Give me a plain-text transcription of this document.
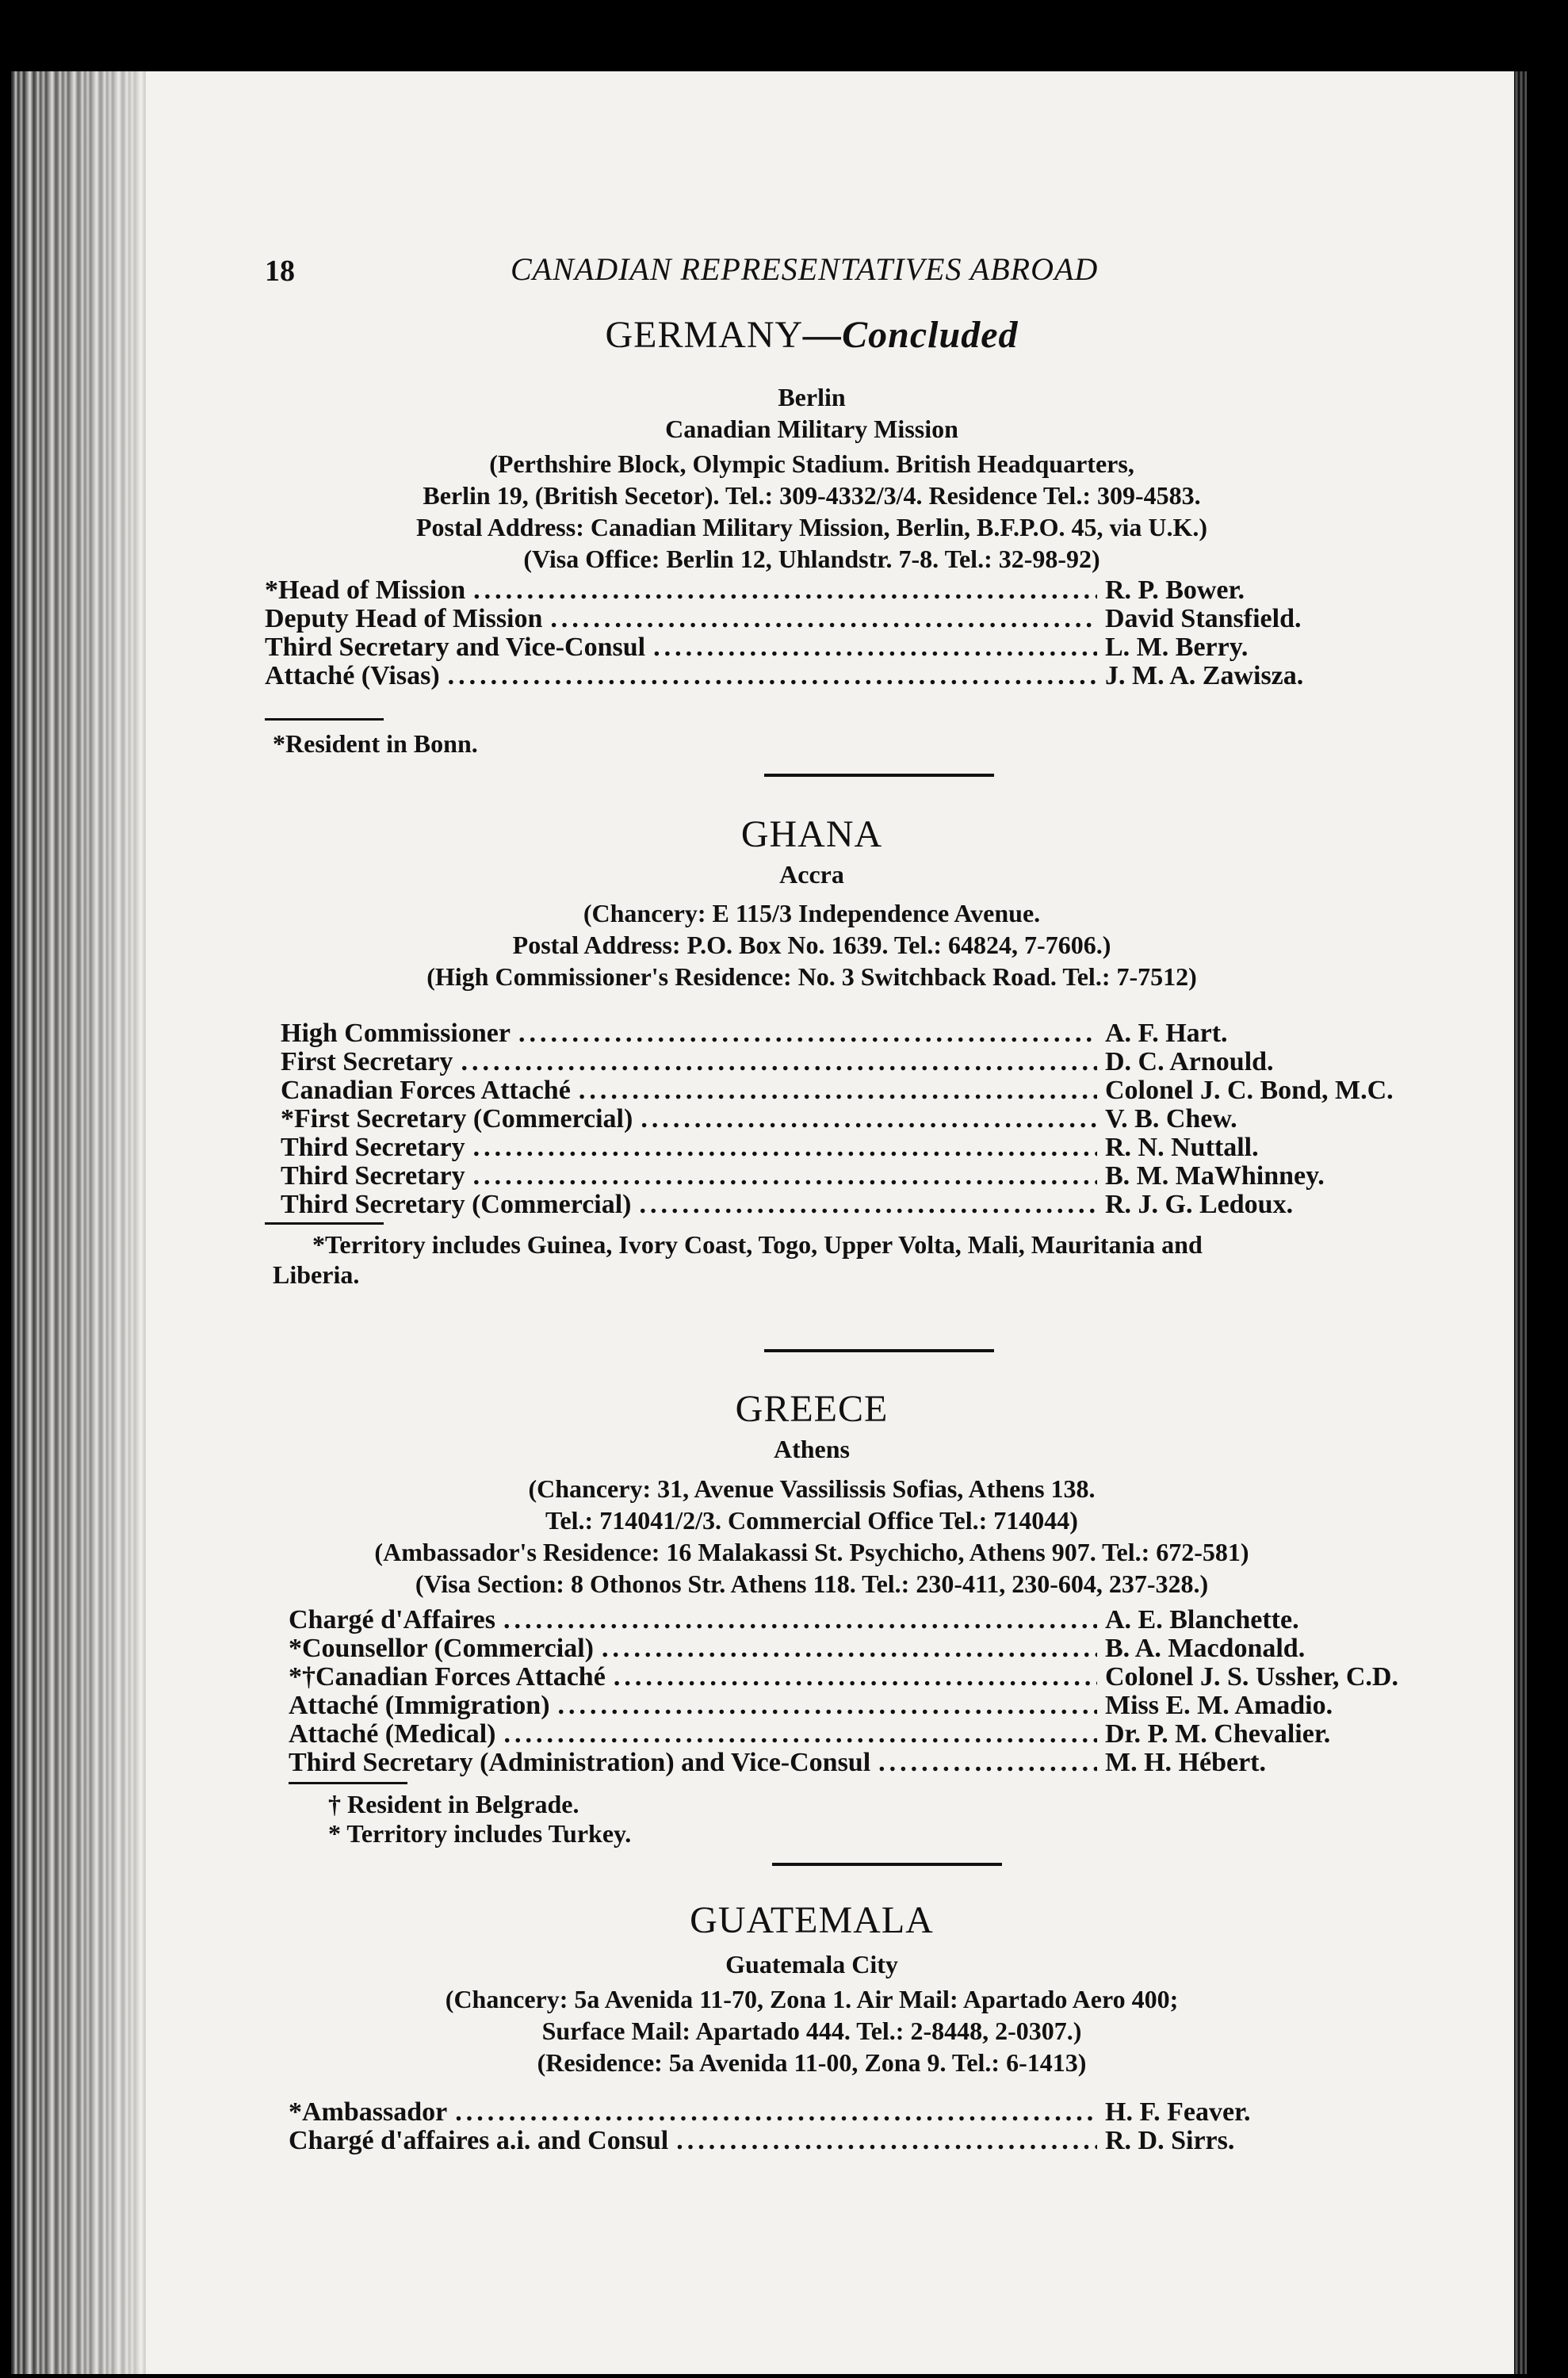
18	CANADIAN REPRESENTATIVES ABROAD
GERMANY—Concluded
Berlin
Canadian Military Mission
(Perthshire Block, Olympic Stadium. British Headquarters,
Berlin 19, (British Secetor). Tel.: 309-4332/3/4. Residence Tel.: 309-4583.
Postal Address: Canadian Military Mission, Berlin, B.F.P.O. 45, via U.K.)
(Visa Office: Berlin 12, Uhlandstr. 7-8. Tel.: 32-98-92)
*Head of Mission .....	R. P. Bower.
Deputy Head of Mission .....	David Stansfield.
Third Secretary and Vice-Consul .....	L. M. Berry.
Attaché (Visas) .....	J. M. A. Zawisza.
*Resident in Bonn.
GHANA
Accra
(Chancery: E 115/3 Independence Avenue.
Postal Address: P.O. Box No. 1639. Tel.: 64824, 7-7606.)
(High Commissioner's Residence: No. 3 Switchback Road. Tel.: 7-7512)
High Commissioner .....	A. F. Hart.
First Secretary .....	D. C. Arnould.
Canadian Forces Attaché .....	Colonel J. C. Bond, M.C.
*First Secretary (Commercial) .....	V. B. Chew.
Third Secretary .....	R. N. Nuttall.
Third Secretary .....	B. M. MaWhinney.
Third Secretary (Commercial) .....	R. J. G. Ledoux.
*Territory includes Guinea, Ivory Coast, Togo, Upper Volta, Mali, Mauritania and
Liberia.
GREECE
Athens
(Chancery: 31, Avenue Vassilissis Sofias, Athens 138.
Tel.: 714041/2/3. Commercial Office Tel.: 714044)
(Ambassador's Residence: 16 Malakassi St. Psychicho, Athens 907. Tel.: 672-581)
(Visa Section: 8 Othonos Str. Athens 118. Tel.: 230-411, 230-604, 237-328.)
Chargé d'Affaires .....	A. E. Blanchette.
*Counsellor (Commercial) .....	B. A. Macdonald.
*†Canadian Forces Attaché .....	Colonel J. S. Ussher, C.D.
Attaché (Immigration) .....	Miss E. M. Amadio.
Attaché (Medical) .....	Dr. P. M. Chevalier.
Third Secretary (Administration) and Vice-Consul .....	M. H. Hébert.
† Resident in Belgrade.
* Territory includes Turkey.
GUATEMALA
Guatemala City
(Chancery: 5a Avenida 11-70, Zona 1. Air Mail: Apartado Aero 400;
Surface Mail: Apartado 444. Tel.: 2-8448, 2-0307.)
(Residence: 5a Avenida 11-00, Zona 9. Tel.: 6-1413)
*Ambassador .....	H. F. Feaver.
Chargé d'affaires a.i. and Consul .....	R. D. Sirrs.
